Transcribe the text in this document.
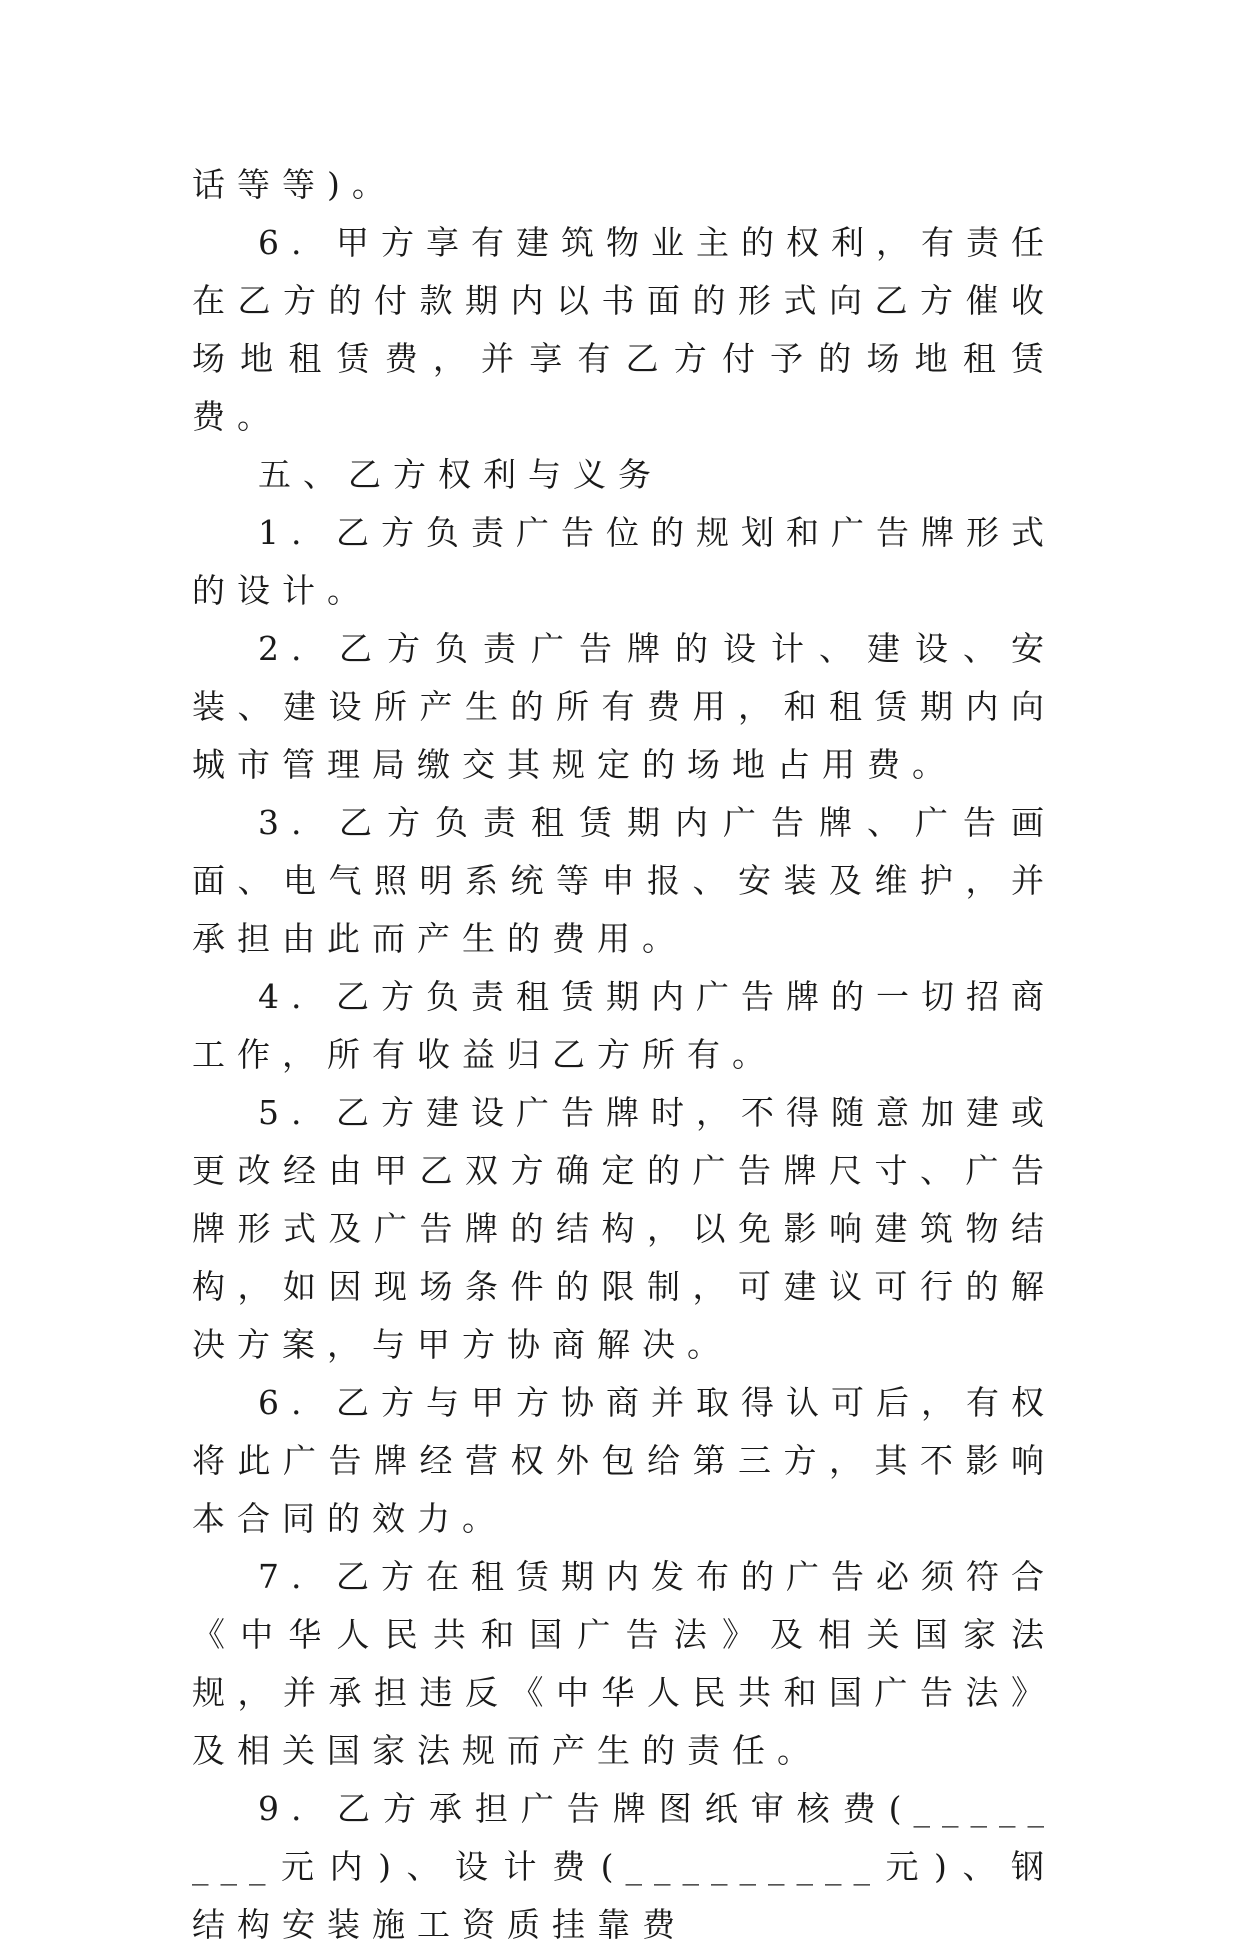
话等等)。

6. 甲方享有建筑物业主的权利，有责任在乙方的付款期内以书面的形式向乙方催收场地租赁费，并享有乙方付予的场地租赁费。

五、乙方权利与义务

1. 乙方负责广告位的规划和广告牌形式的设计。

2. 乙方负责广告牌的设计、建设、安装、建设所产生的所有费用，和租赁期内向城市管理局缴交其规定的场地占用费。

3. 乙方负责租赁期内广告牌、广告画面、电气照明系统等申报、安装及维护，并承担由此而产生的费用。

4. 乙方负责租赁期内广告牌的一切招商工作，所有收益归乙方所有。

5. 乙方建设广告牌时，不得随意加建或更改经由甲乙双方确定的广告牌尺寸、广告牌形式及广告牌的结构，以免影响建筑物结构，如因现场条件的限制，可建议可行的解决方案，与甲方协商解决。

6. 乙方与甲方协商并取得认可后，有权将此广告牌经营权外包给第三方，其不影响本合同的效力。

7. 乙方在租赁期内发布的广告必须符合《中华人民共和国广告法》及相关国家法规，并承担违反《中华人民共和国广告法》及相关国家法规而产生的责任。

9. 乙方承担广告牌图纸审核费(________元内)、设计费(_________元)、钢结构安装施工资质挂靠费
